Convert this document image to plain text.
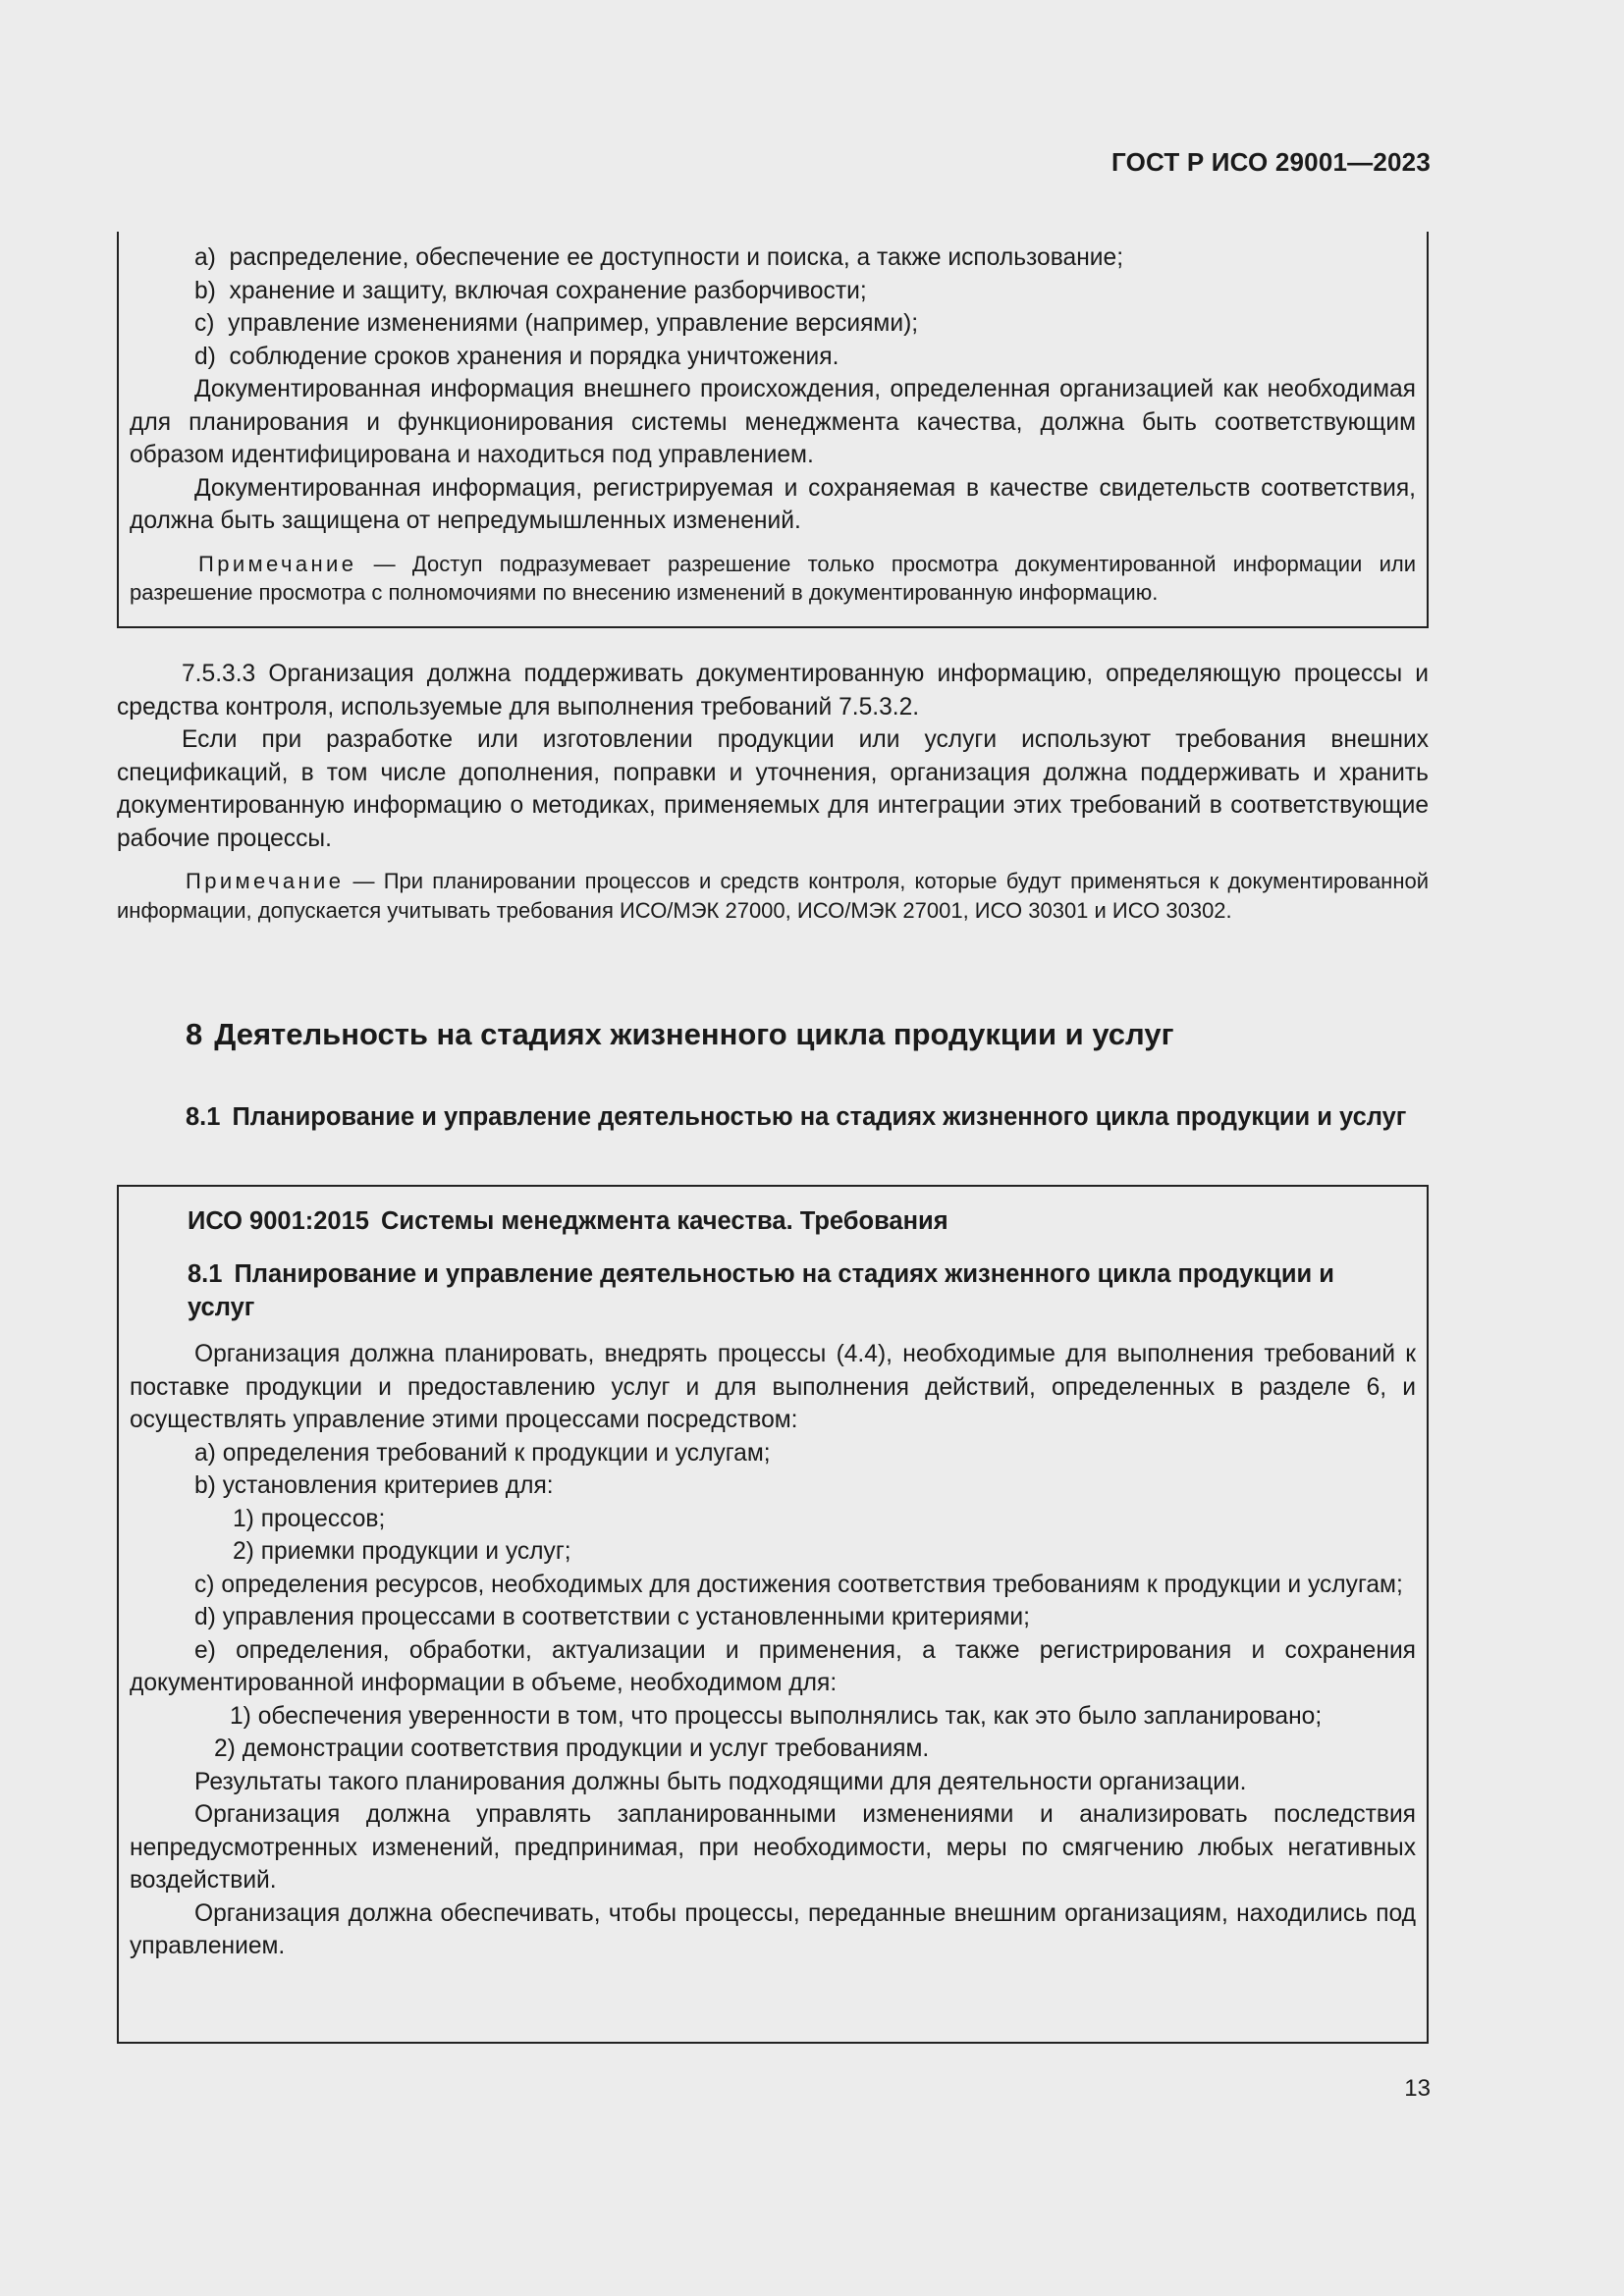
ГОСТ Р ИСО 29001—2023

a) распределение, обеспечение ее доступности и поиска, а также использование;

b) хранение и защиту, включая сохранение разборчивости;

c) управление изменениями (например, управление версиями);

d) соблюдение сроков хранения и порядка уничтожения.

Документированная информация внешнего происхождения, определенная организацией как необходимая для планирования и функционирования системы менеджмента качества, должна быть соответствующим образом идентифицирована и находиться под управлением.

Документированная информация, регистрируемая и сохраняемая в качестве свидетельств соответствия, должна быть защищена от непредумышленных изменений.

Примечание — Доступ подразумевает разрешение только просмотра документированной информации или разрешение просмотра с полномочиями по внесению изменений в документированную информацию.

7.5.3.3 Организация должна поддерживать документированную информацию, определяющую процессы и средства контроля, используемые для выполнения требований 7.5.3.2.

Если при разработке или изготовлении продукции или услуги используют требования внешних спецификаций, в том числе дополнения, поправки и уточнения, организация должна поддерживать и хранить документированную информацию о методиках, применяемых для интеграции этих требований в соответствующие рабочие процессы.

Примечание — При планировании процессов и средств контроля, которые будут применяться к документированной информации, допускается учитывать требования ИСО/МЭК 27000, ИСО/МЭК 27001, ИСО 30301 и ИСО 30302.

8 Деятельность на стадиях жизненного цикла продукции и услуг

8.1 Планирование и управление деятельностью на стадиях жизненного цикла продукции и услуг

ИСО 9001:2015 Системы менеджмента качества. Требования

8.1 Планирование и управление деятельностью на стадиях жизненного цикла продукции и услуг

Организация должна планировать, внедрять процессы (4.4), необходимые для выполнения требований к поставке продукции и предоставлению услуг и для выполнения действий, определенных в разделе 6, и осуществлять управление этими процессами посредством:

a) определения требований к продукции и услугам;

b) установления критериев для:

1) процессов;

2) приемки продукции и услуг;

c) определения ресурсов, необходимых для достижения соответствия требованиям к продукции и услугам;

d) управления процессами в соответствии с установленными критериями;

e) определения, обработки, актуализации и применения, а также регистрирования и сохранения документированной информации в объеме, необходимом для:

1) обеспечения уверенности в том, что процессы выполнялись так, как это было запланировано;

2) демонстрации соответствия продукции и услуг требованиям.

Результаты такого планирования должны быть подходящими для деятельности организации.

Организация должна управлять запланированными изменениями и анализировать последствия непредусмотренных изменений, предпринимая, при необходимости, меры по смягчению любых негативных воздействий.

Организация должна обеспечивать, чтобы процессы, переданные внешним организациям, находились под управлением.

13
